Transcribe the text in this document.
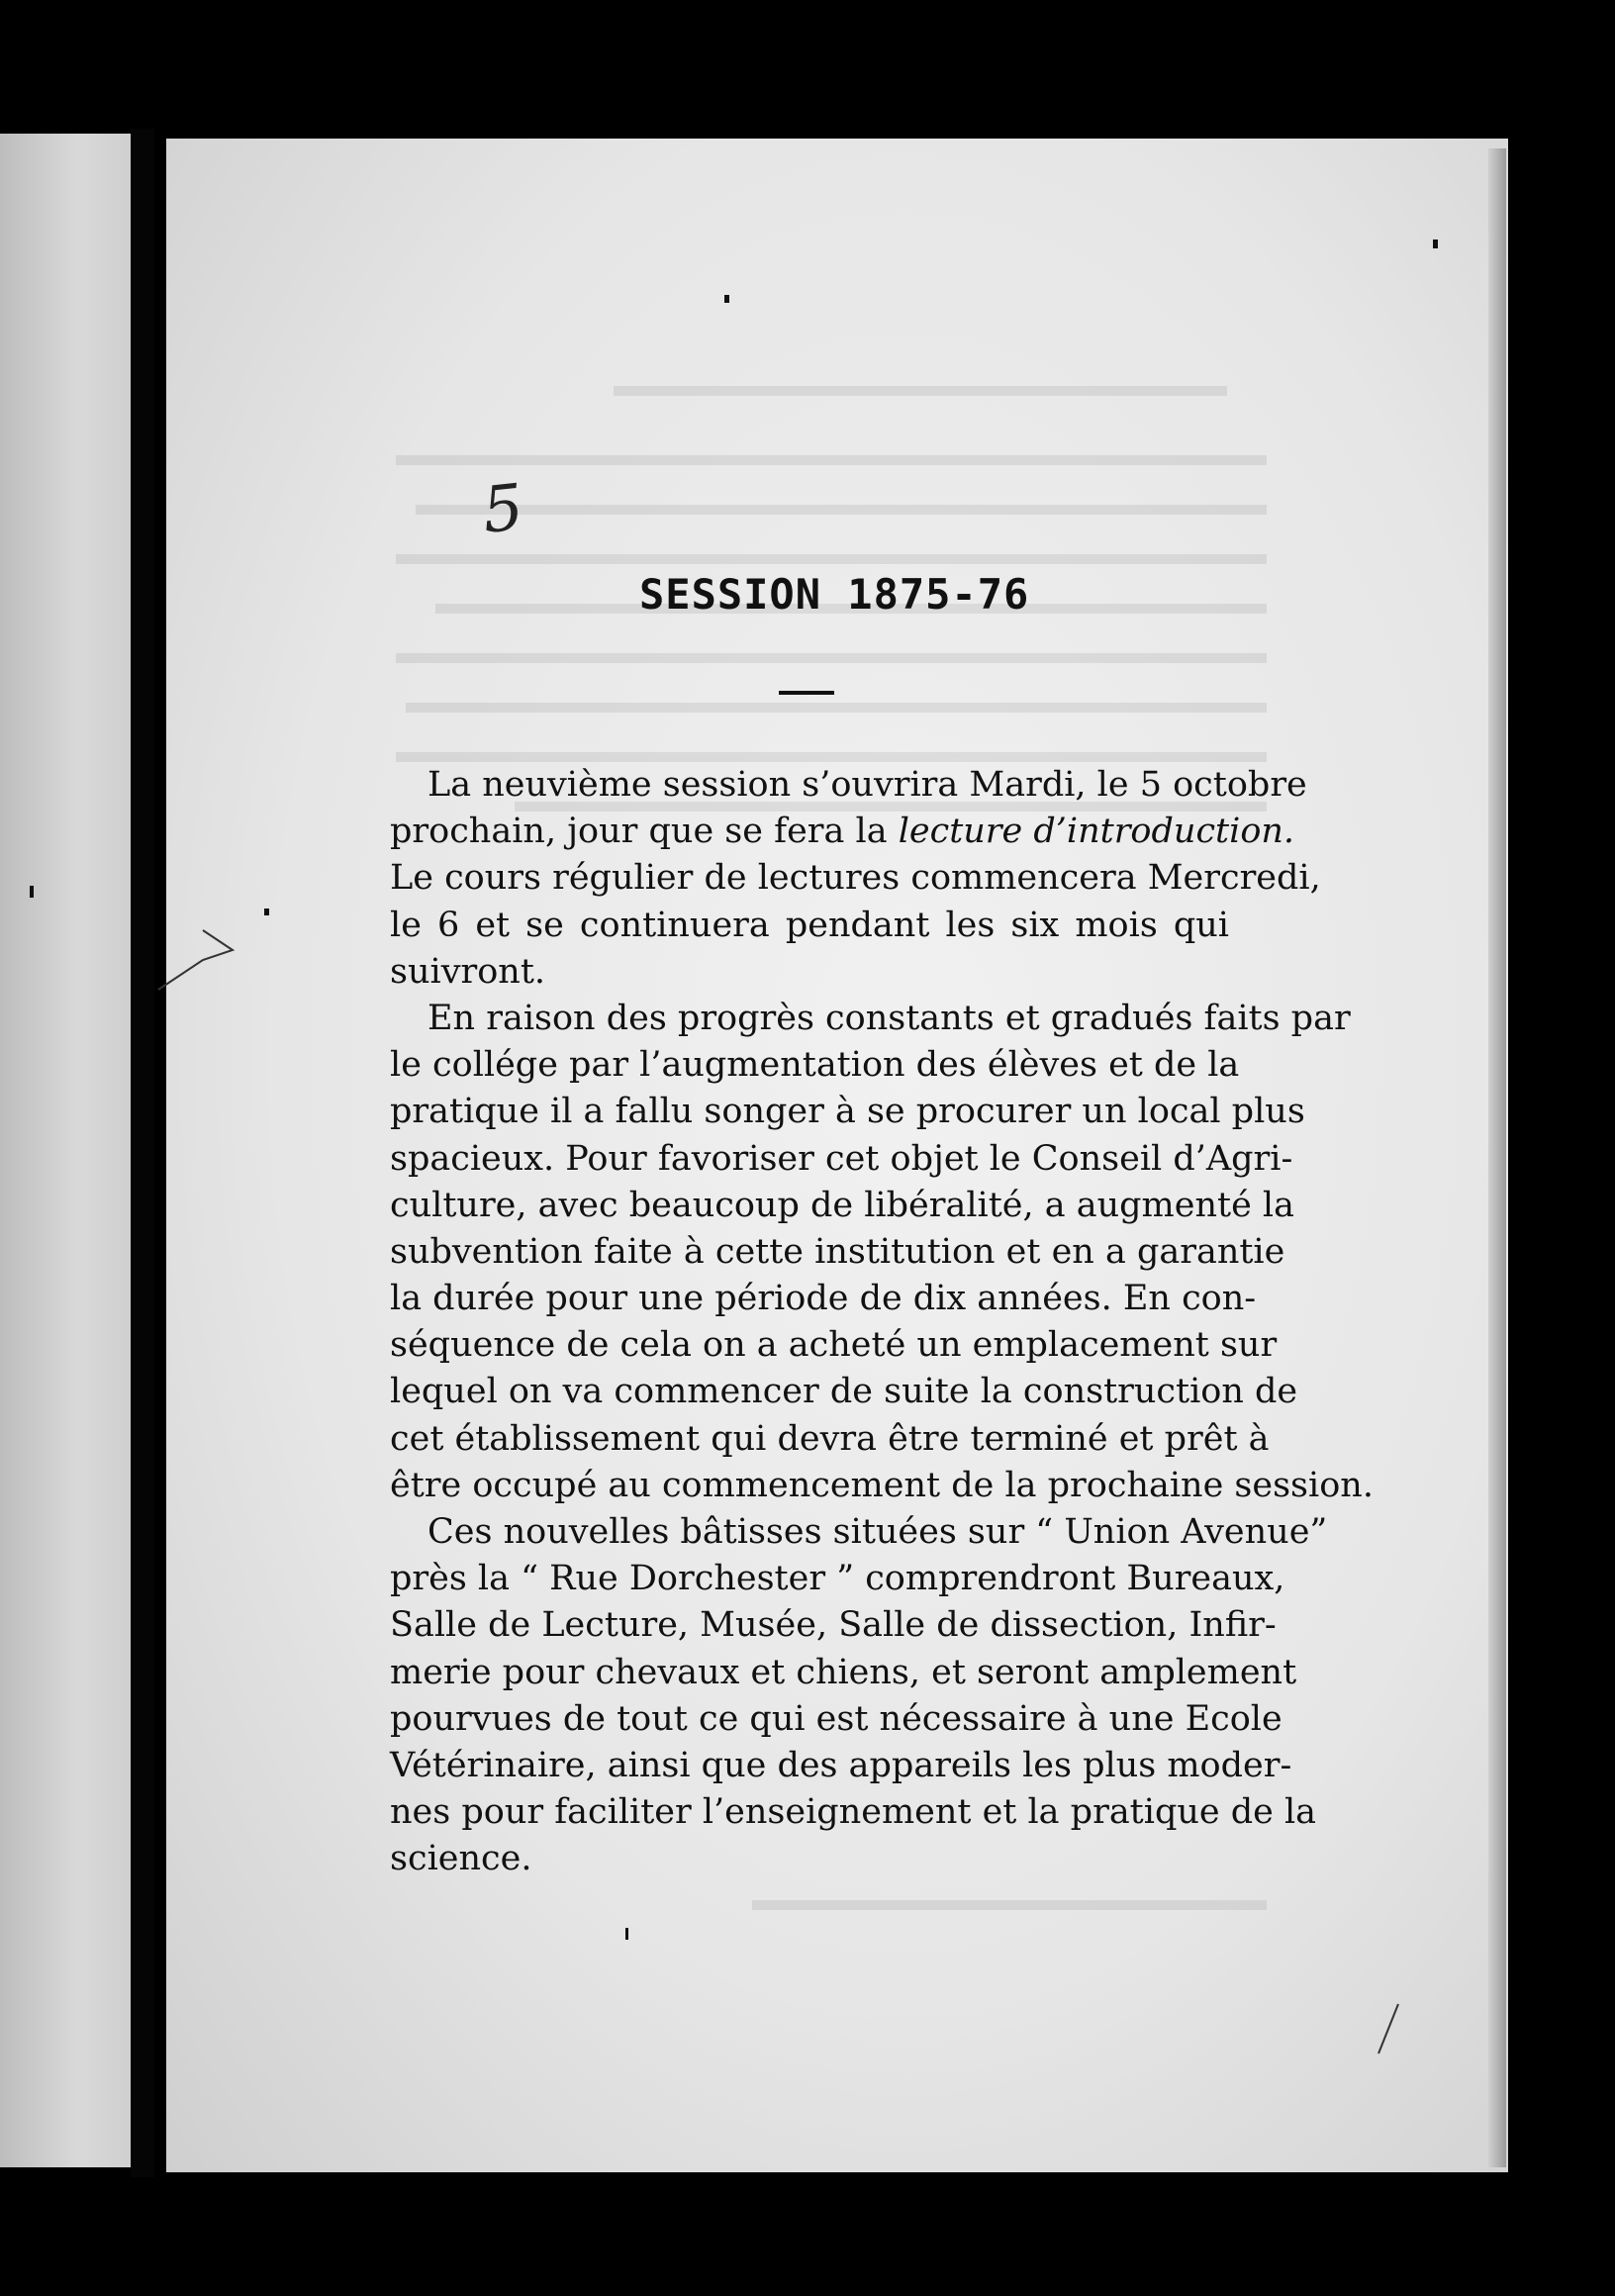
5
SESSION 1875-76
La neuvième session s’ouvrira Mardi, le 5 octobre
prochain, jour que se fera la lecture d’introduction.
Le cours régulier de lectures commencera Mercredi,
le 6 et se continuera pendant les six mois qui
suivront.
En raison des progrès constants et gradués faits par
le collége par l’augmentation des élèves et de la
pratique il a fallu songer à se procurer un local plus
spacieux. Pour favoriser cet objet le Conseil d’Agri-
culture, avec beaucoup de libéralité, a augmenté la
subvention faite à cette institution et en a garantie
la durée pour une période de dix années. En con-
séquence de cela on a acheté un emplacement sur
lequel on va commencer de suite la construction de
cet établissement qui devra être terminé et prêt à
être occupé au commencement de la prochaine session.
Ces nouvelles bâtisses situées sur “ Union Avenue”
près la “ Rue Dorchester ” comprendront Bureaux,
Salle de Lecture, Musée, Salle de dissection, Infir-
merie pour chevaux et chiens, et seront amplement
pourvues de tout ce qui est nécessaire à une Ecole
Vétérinaire, ainsi que des appareils les plus moder-
nes pour faciliter l’enseignement et la pratique de la
science.
